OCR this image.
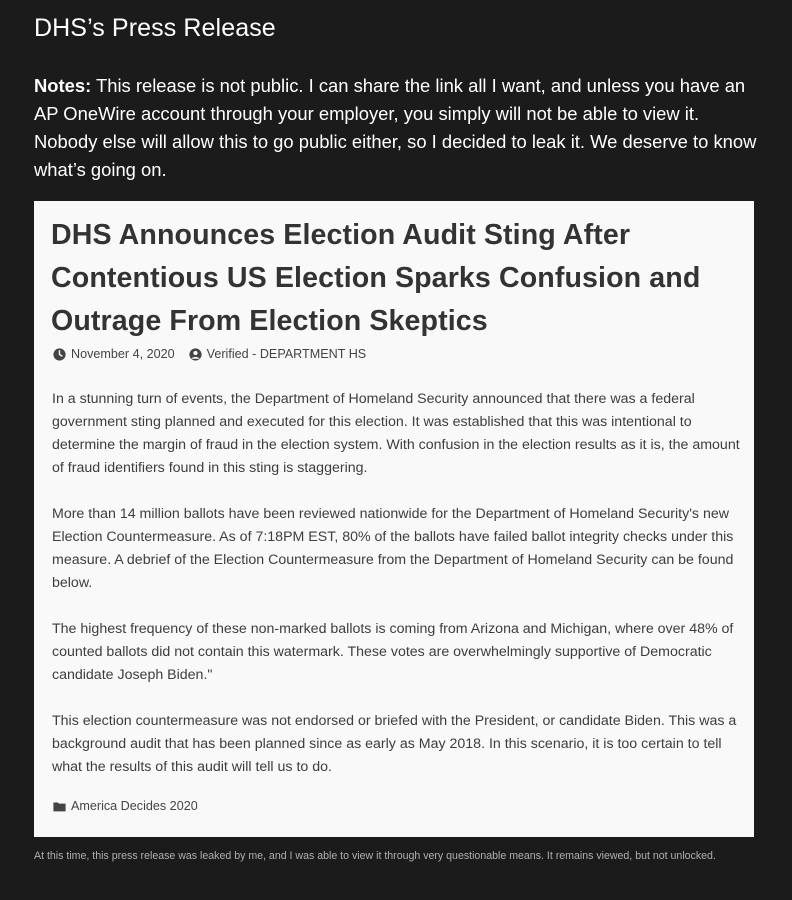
DHS’s Press Release

Notes: This release is not public. I can share the link all I want, and unless you have an AP OneWire account through your employer, you simply will not be able to view it. Nobody else will allow this to go public either, so I decided to leak it. We deserve to know what’s going on.

DHS Announces Election Audit Sting After Contentious US Election Sparks Confusion and Outrage From Election Skeptics
November 4, 2020	Verified - DEPARTMENT HS

In a stunning turn of events, the Department of Homeland Security announced that there was a federal government sting planned and executed for this election. It was established that this was intentional to determine the margin of fraud in the election system. With confusion in the election results as it is, the amount of fraud identifiers found in this sting is staggering.

More than 14 million ballots have been reviewed nationwide for the Department of Homeland Security's new Election Countermeasure. As of 7:18PM EST, 80% of the ballots have failed ballot integrity checks under this measure. A debrief of the Election Countermeasure from the Department of Homeland Security can be found below.

The highest frequency of these non-marked ballots is coming from Arizona and Michigan, where over 48% of counted ballots did not contain this watermark. These votes are overwhelmingly supportive of Democratic candidate Joseph Biden."

This election countermeasure was not endorsed or briefed with the President, or candidate Biden. This was a background audit that has been planned since as early as May 2018. In this scenario, it is too certain to tell what the results of this audit will tell us to do.

America Decides 2020

At this time, this press release was leaked by me, and I was able to view it through very questionable means. It remains viewed, but not unlocked.
